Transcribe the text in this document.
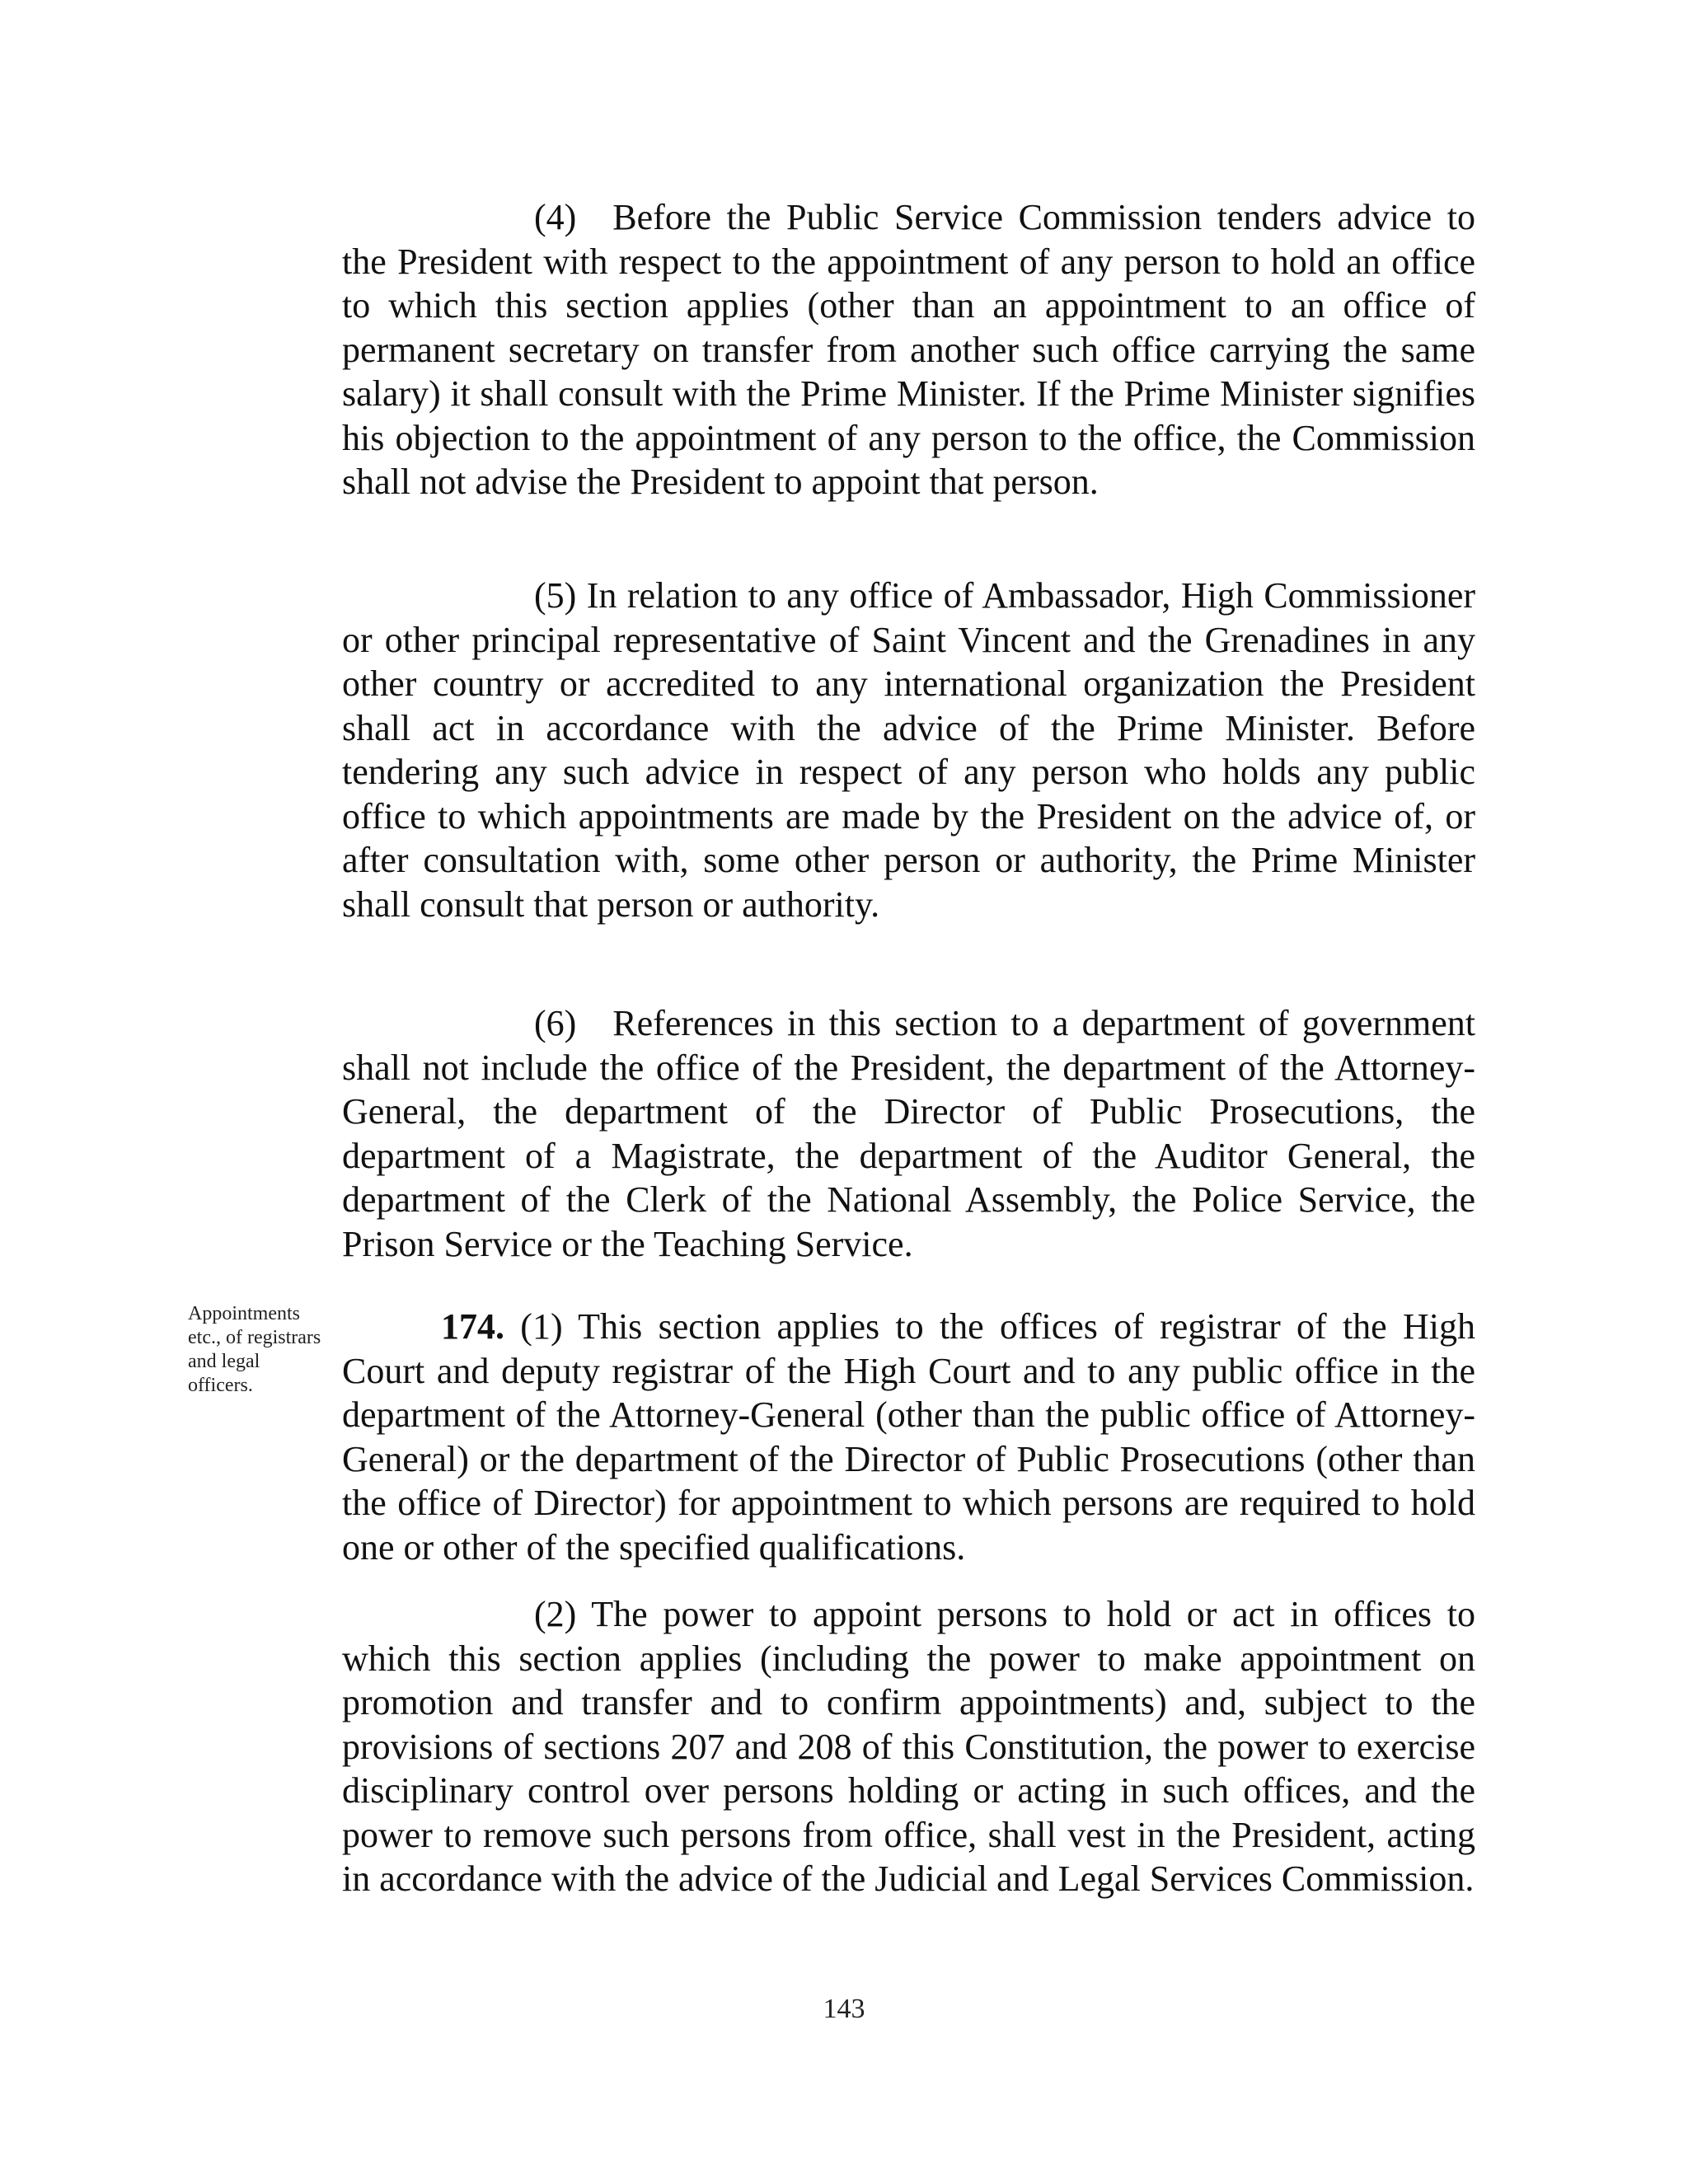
(4) Before the Public Service Commission tenders advice to the President with respect to the appointment of any person to hold an office to which this section applies (other than an appointment to an office of permanent secretary on transfer from another such office carrying the same salary) it shall consult with the Prime Minister. If the Prime Minister signifies his objection to the appointment of any person to the office, the Commission shall not advise the President to appoint that person.

(5) In relation to any office of Ambassador, High Commissioner or other principal representative of Saint Vincent and the Grenadines in any other country or accredited to any international organization the President shall act in accordance with the advice of the Prime Minister. Before tendering any such advice in respect of any person who holds any public office to which appointments are made by the President on the advice of, or after consultation with, some other person or authority, the Prime Minister shall consult that person or authority.

(6) References in this section to a department of government shall not include the office of the President, the department of the Attorney-General, the department of the Director of Public Prosecutions, the department of a Magistrate, the department of the Auditor General, the department of the Clerk of the National Assembly, the Police Service, the Prison Service or the Teaching Service.

Appointments etc., of registrars and legal officers.

174. (1) This section applies to the offices of registrar of the High Court and deputy registrar of the High Court and to any public office in the department of the Attorney-General (other than the public office of Attorney-General) or the department of the Director of Public Prosecutions (other than the office of Director) for appointment to which persons are required to hold one or other of the specified qualifications.

(2) The power to appoint persons to hold or act in offices to which this section applies (including the power to make appointment on promotion and transfer and to confirm appointments) and, subject to the provisions of sections 207 and 208 of this Constitution, the power to exercise disciplinary control over persons holding or acting in such offices, and the power to remove such persons from office, shall vest in the President, acting in accordance with the advice of the Judicial and Legal Services Commission.

143
